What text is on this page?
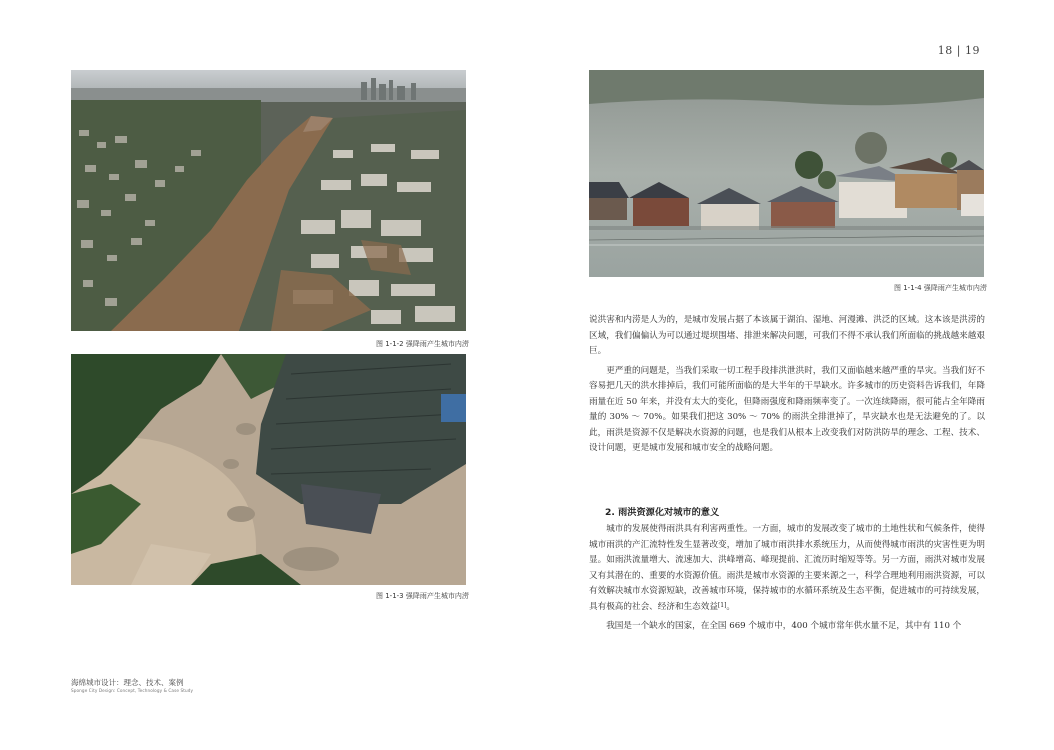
18 | 19
图 1-1-2 强降雨产生城市内涝
图 1-1-3 强降雨产生城市内涝
图 1-1-4 强降雨产生城市内涝

说洪害和内涝是人为的，是城市发展占据了本该属于湖泊、湿地、河漫滩、洪泛的区域。这本该是洪涝的区域，我们偏偏认为可以通过堤坝围堵、排泄来解决问题，可我们不得不承认我们所面临的挑战越来越艰巨。

更严重的问题是，当我们采取一切工程手段排洪泄洪时，我们又面临越来越严重的旱灾。当我们好不容易把几天的洪水排掉后，我们可能所面临的是大半年的干旱缺水。许多城市的历史资料告诉我们，年降雨量在近 50 年来，并没有太大的变化，但降雨强度和降雨频率变了。一次连续降雨，很可能占全年降雨量的 30% ～ 70%。如果我们把这 30% ～ 70% 的雨洪全排泄掉了，旱灾缺水也是无法避免的了。以此，雨洪是资源不仅是解决水资源的问题，也是我们从根本上改变我们对防洪防旱的理念、工程、技术、设计问题，更是城市发展和城市安全的战略问题。

2. 雨洪资源化对城市的意义

城市的发展使得雨洪具有利害两重性。一方面，城市的发展改变了城市的土地性状和气候条件，使得城市雨洪的产汇流特性发生显著改变，增加了城市雨洪排水系统压力，从而使得城市雨洪的灾害性更为明显。如雨洪流量增大、流速加大、洪峰增高、峰现提前、汇流历时缩短等等。另一方面，雨洪对城市发展又有其潜在的、重要的水资源价值。雨洪是城市水资源的主要来源之一，科学合理地利用雨洪资源，可以有效解决城市水资源短缺，改善城市环境，保持城市的水循环系统及生态平衡，促进城市的可持续发展，具有极高的社会、经济和生态效益[1]。

我国是一个缺水的国家，在全国 669 个城市中，400 个城市常年供水量不足，其中有 110 个

海绵城市设计：理念、技术、案例
Sponge City Design: Concept, Technology & Case Study
